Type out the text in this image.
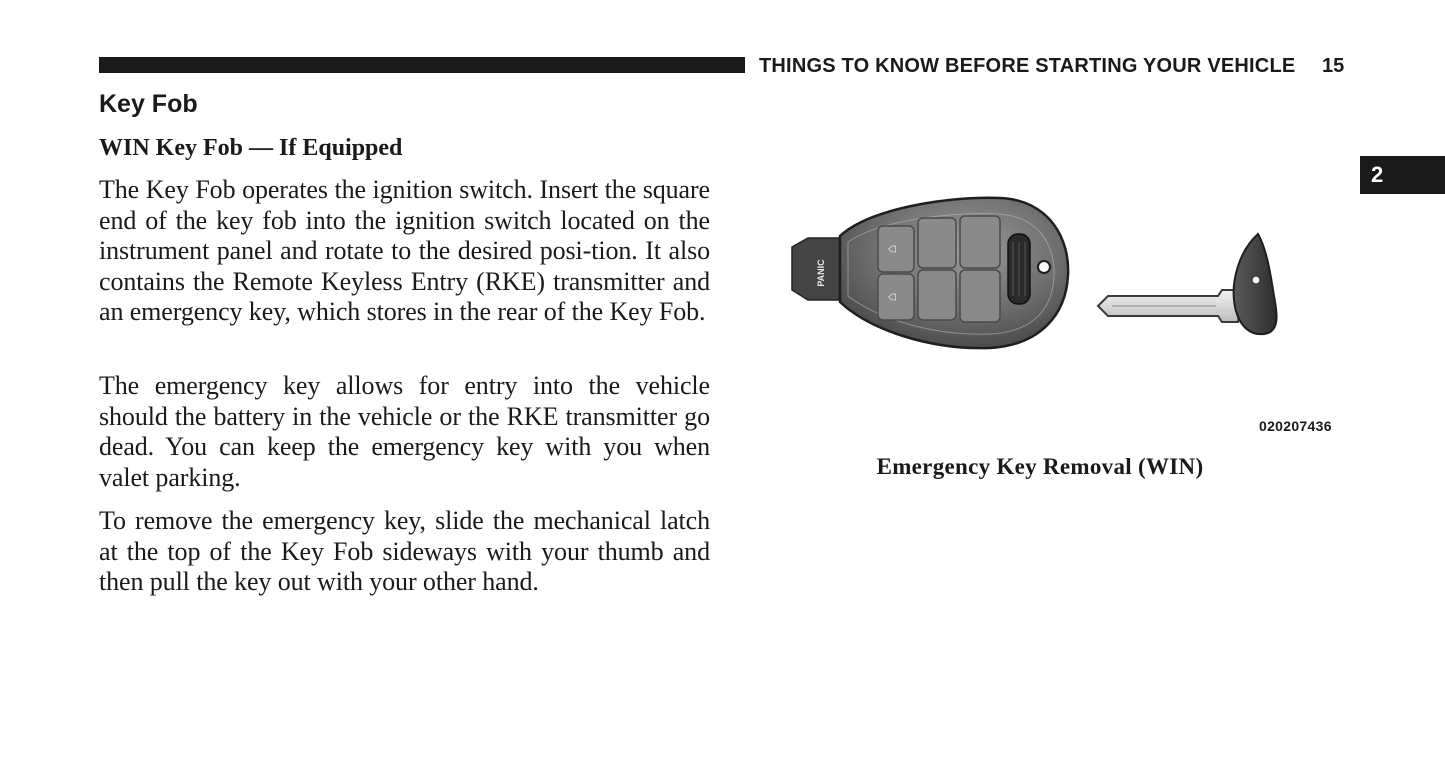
THINGS TO KNOW BEFORE STARTING YOUR VEHICLE 15
2
Key Fob
WIN Key Fob — If Equipped

The Key Fob operates the ignition switch. Insert the square end of the key fob into the ignition switch located on the instrument panel and rotate to the desired posi-tion. It also contains the Remote Keyless Entry (RKE) transmitter and an emergency key, which stores in the rear of the Key Fob.

The emergency key allows for entry into the vehicle should the battery in the vehicle or the RKE transmitter go dead. You can keep the emergency key with you when valet parking.

To remove the emergency key, slide the mechanical latch at the top of the Key Fob sideways with your thumb and then pull the key out with your other hand.

⌂
⌂
PANIC
020207436

Emergency Key Removal (WIN)
